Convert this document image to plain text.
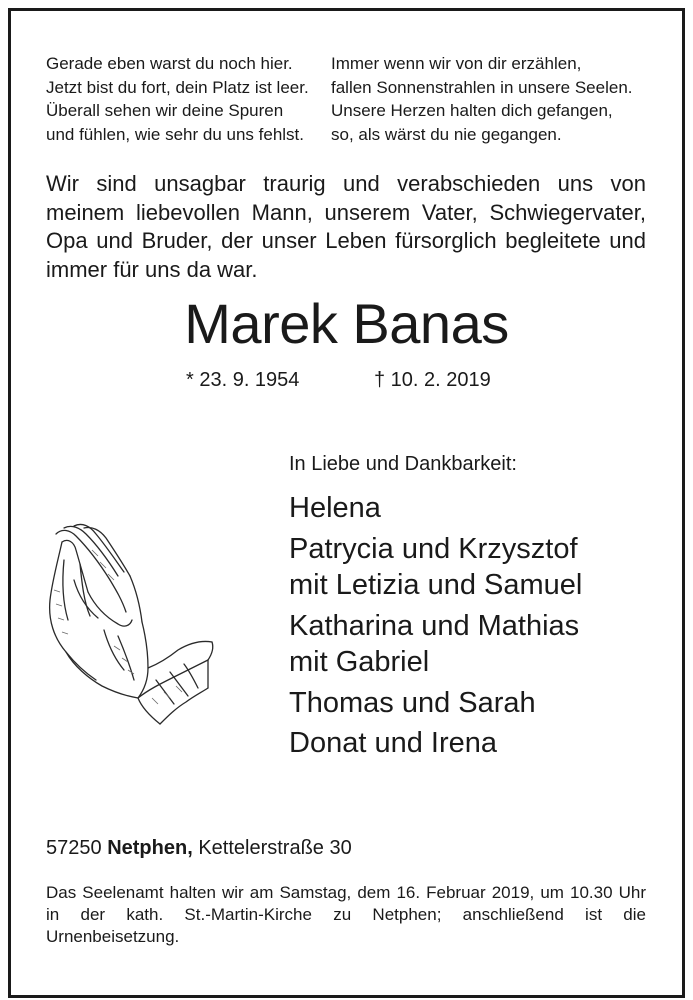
Gerade eben warst du noch hier.
Jetzt bist du fort, dein Platz ist leer.
Überall sehen wir deine Spuren
und fühlen, wie sehr du uns fehlst.
Immer wenn wir von dir erzählen,
fallen Sonnenstrahlen in unsere Seelen.
Unsere Herzen halten dich gefangen,
so, als wärst du nie gegangen.
Wir sind unsagbar traurig und verabschieden uns von meinem liebevollen Mann, unserem Vater, Schwiegervater, Opa und Bruder, der unser Leben fürsorglich begleitete und immer für uns da war.
Marek Banas
* 23. 9. 1954	† 10. 2. 2019
In Liebe und Dankbarkeit:
Helena
Patrycia und Krzysztof
mit Letizia und Samuel
Katharina und Mathias
mit Gabriel
Thomas und Sarah
Donat und Irena
57250 Netphen, Kettelerstraße 30
Das Seelenamt halten wir am Samstag, dem 16. Februar 2019, um 10.30 Uhr in der kath. St.-Martin-Kirche zu Netphen; anschließend ist die Urnenbeisetzung.
